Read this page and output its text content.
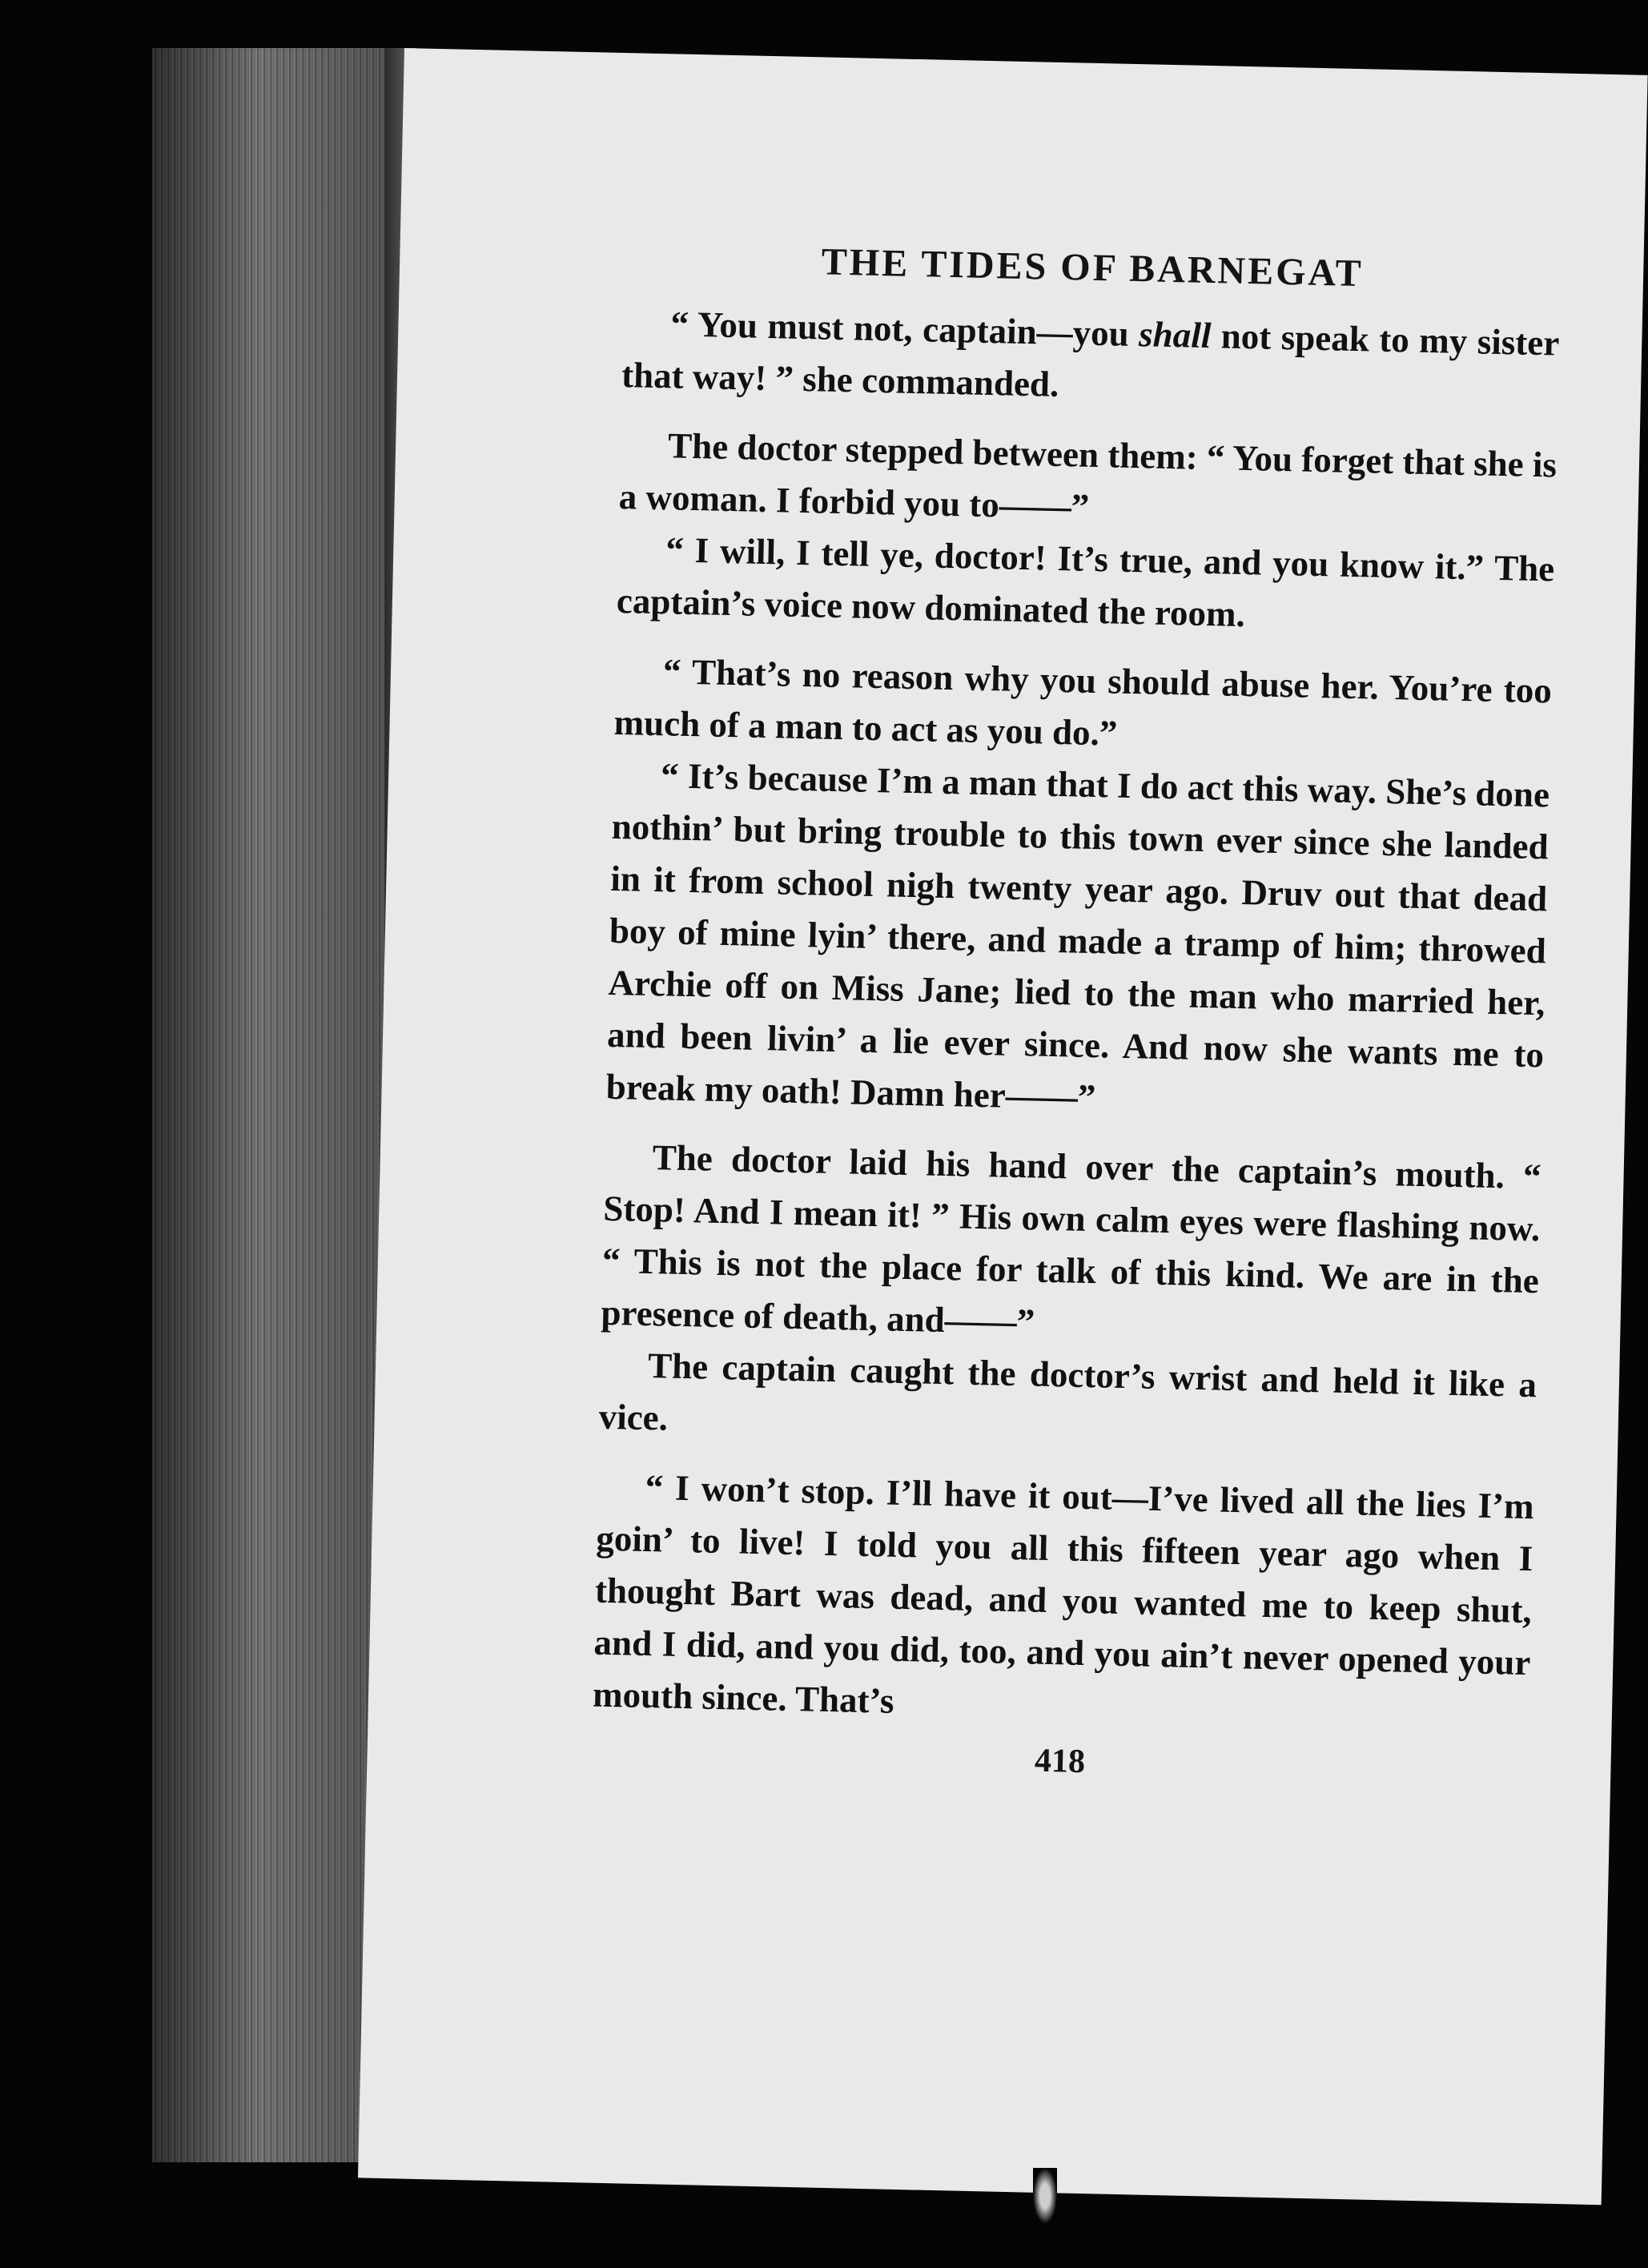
THE TIDES OF BARNEGAT

“ You must not, captain—you shall not speak to my sister that way! ” she commanded.

The doctor stepped between them: “ You forget that she is a woman. I forbid you to——”

“ I will, I tell ye, doctor! It’s true, and you know it.” The captain’s voice now dominated the room.

“ That’s no reason why you should abuse her. You’re too much of a man to act as you do.”

“ It’s because I’m a man that I do act this way. She’s done nothin’ but bring trouble to this town ever since she landed in it from school nigh twenty year ago. Druv out that dead boy of mine lyin’ there, and made a tramp of him; throwed Archie off on Miss Jane; lied to the man who married her, and been livin’ a lie ever since. And now she wants me to break my oath! Damn her——”

The doctor laid his hand over the captain’s mouth. “ Stop! And I mean it! ” His own calm eyes were flashing now. “ This is not the place for talk of this kind. We are in the presence of death, and——”

The captain caught the doctor’s wrist and held it like a vice.

“ I won’t stop. I’ll have it out—I’ve lived all the lies I’m goin’ to live! I told you all this fifteen year ago when I thought Bart was dead, and you wanted me to keep shut, and I did, and you did, too, and you ain’t never opened your mouth since. That’s

418
